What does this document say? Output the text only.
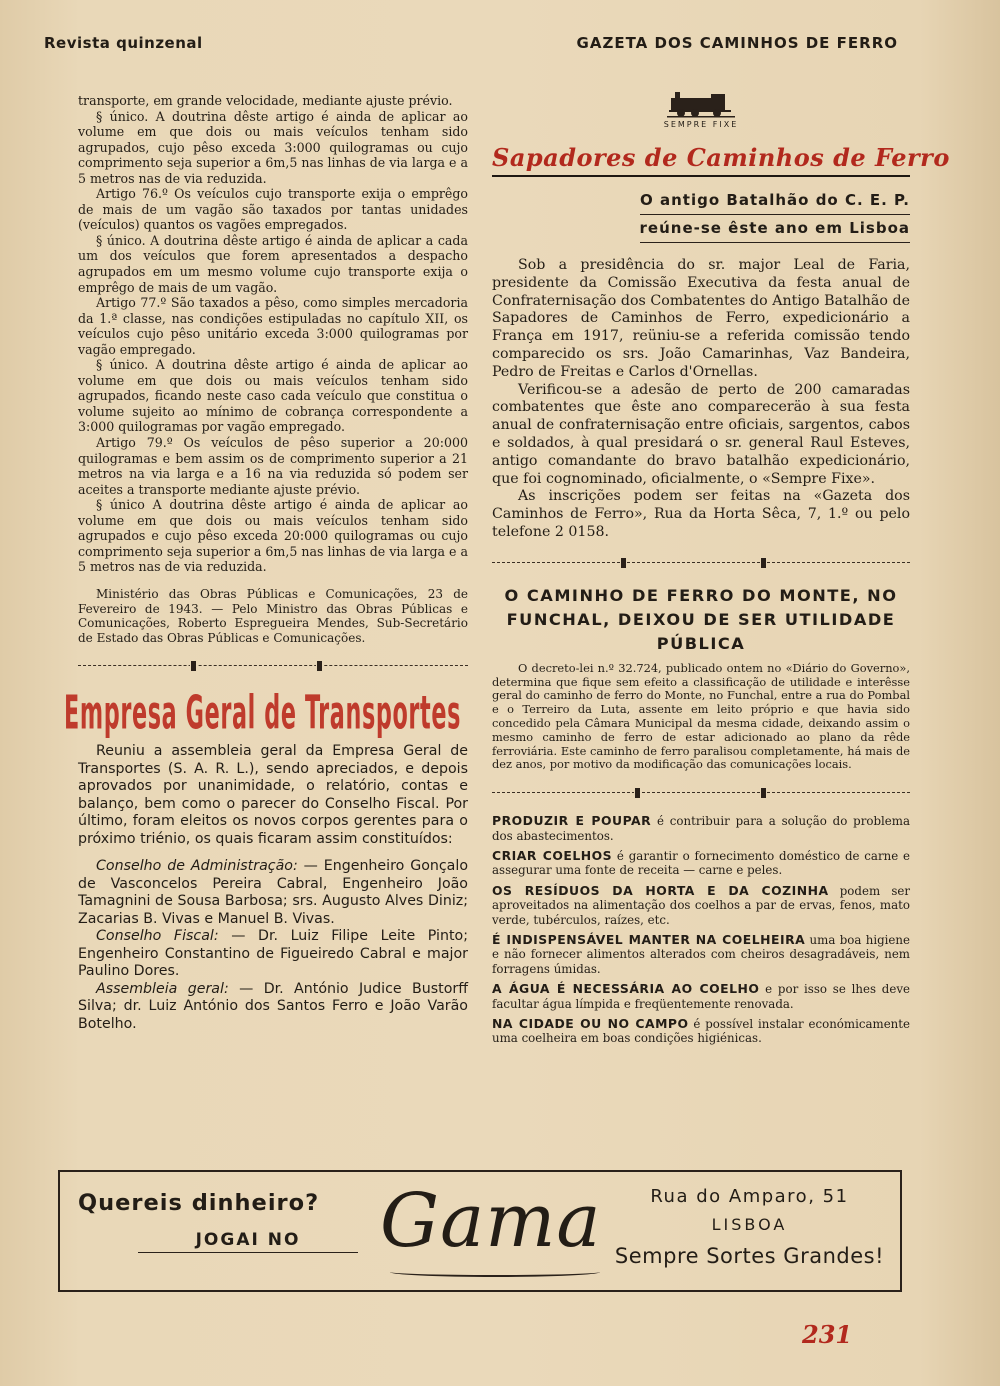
Revista quinzenal	GAZETA DOS CAMINHOS DE FERRO

transporte, em grande velocidade, mediante ajuste prévio.

§ único. A doutrina dêste artigo é ainda de aplicar ao volume em que dois ou mais veículos tenham sido agrupados, cujo pêso exceda 3:000 quilogramas ou cujo comprimento seja superior a 6m,5 nas linhas de via larga e a 5 metros nas de via reduzida.

Artigo 76.º Os veículos cujo transporte exija o emprêgo de mais de um vagão são taxados por tantas unidades (veículos) quantos os vagões empregados.

§ único. A doutrina dêste artigo é ainda de aplicar a cada um dos veículos que forem apresentados a despacho agrupados em um mesmo volume cujo transporte exija o emprêgo de mais de um vagão.

Artigo 77.º São taxados a pêso, como simples mercadoria da 1.ª classe, nas condições estipuladas no capítulo XII, os veículos cujo pêso unitário exceda 3:000 quilogramas por vagão empregado.

§ único. A doutrina dêste artigo é ainda de aplicar ao volume em que dois ou mais veículos tenham sido agrupados, ficando neste caso cada veículo que constitua o volume sujeito ao mínimo de cobrança correspondente a 3:000 quilogramas por vagão empregado.

Artigo 79.º Os veículos de pêso superior a 20:000 quilogramas e bem assim os de comprimento superior a 21 metros na via larga e a 16 na via reduzida só podem ser aceites a transporte mediante ajuste prévio.

§ único A doutrina dêste artigo é ainda de aplicar ao volume em que dois ou mais veículos tenham sido agrupados e cujo pêso exceda 20:000 quilogramas ou cujo comprimento seja superior a 6m,5 nas linhas de via larga e a 5 metros nas de via reduzida.

Ministério das Obras Públicas e Comunicações, 23 de Fevereiro de 1943. — Pelo Ministro das Obras Públicas e Comunicações, Roberto Espregueira Mendes, Sub-Secretário de Estado das Obras Públicas e Comunicações.

Empresa Geral de Transportes

Reuniu a assembleia geral da Empresa Geral de Transportes (S. A. R. L.), sendo apreciados, e depois aprovados por unanimidade, o relatório, contas e balanço, bem como o parecer do Conselho Fiscal. Por último, foram eleitos os novos corpos gerentes para o próximo triénio, os quais ficaram assim constituídos:

Conselho de Administração: — Engenheiro Gonçalo de Vasconcelos Pereira Cabral, Engenheiro João Tamagnini de Sousa Barbosa; srs. Augusto Alves Diniz; Zacarias B. Vivas e Manuel B. Vivas.

Conselho Fiscal: — Dr. Luiz Filipe Leite Pinto; Engenheiro Constantino de Figueiredo Cabral e major Paulino Dores.

Assembleia geral: — Dr. António Judice Bustorff Silva; dr. Luiz António dos Santos Ferro e João Varão Botelho.

SEMPRE FIXE
Sapadores de Caminhos de Ferro
O antigo Batalhão do C. E. P.
reúne-se êste ano em Lisboa

Sob a presidência do sr. major Leal de Faria, presidente da Comissão Executiva da festa anual de Confraternisação dos Combatentes do Antigo Batalhão de Sapadores de Caminhos de Ferro, expedicionário a França em 1917, reüniu-se a referida comissão tendo comparecido os srs. João Camarinhas, Vaz Bandeira, Pedro de Freitas e Carlos d'Ornellas.

Verificou-se a adesão de perto de 200 camaradas combatentes que êste ano compareceräo à sua festa anual de confraternisação entre oficiais, sargentos, cabos e soldados, à qual presidará o sr. general Raul Esteves, antigo comandante do bravo batalhão expedicionário, que foi cognominado, oficialmente, o «Sempre Fixe».

As inscrições podem ser feitas na «Gazeta dos Caminhos de Ferro», Rua da Horta Sêca, 7, 1.º ou pelo telefone 2 0158.

O CAMINHO DE FERRO DO MONTE, NO FUNCHAL, DEIXOU DE SER UTILIDADE PÚBLICA

O decreto-lei n.º 32.724, publicado ontem no «Diário do Governo», determina que fique sem efeito a classificação de utilidade e interêsse geral do caminho de ferro do Monte, no Funchal, entre a rua do Pombal e o Terreiro da Luta, assente em leito próprio e que havia sido concedido pela Câmara Municipal da mesma cidade, deixando assim o mesmo caminho de ferro de estar adicionado ao plano da rêde ferroviária. Este caminho de ferro paralisou completamente, há mais de dez anos, por motivo da modificação das comunicações locais.

PRODUZIR E POUPAR é contribuir para a solução do problema dos abastecimentos.

CRIAR COELHOS é garantir o fornecimento doméstico de carne e assegurar uma fonte de receita — carne e peles.

OS RESÍDUOS DA HORTA E DA COZINHA podem ser aproveitados na alimentação dos coelhos a par de ervas, fenos, mato verde, tubérculos, raízes, etc.

É INDISPENSÁVEL MANTER NA COELHEIRA uma boa higiene e não fornecer alimentos alterados com cheiros desagradáveis, nem forragens úmidas.

A ÁGUA É NECESSÁRIA AO COELHO e por isso se lhes deve facultar água límpida e freqüentemente renovada.

NA CIDADE OU NO CAMPO é possível instalar económicamente uma coelheira em boas condições higiénicas.

Quereis dinheiro?
JOGAI NO	Gama	Rua do Amparo, 51
LISBOA
Sempre Sortes Grandes!
231
